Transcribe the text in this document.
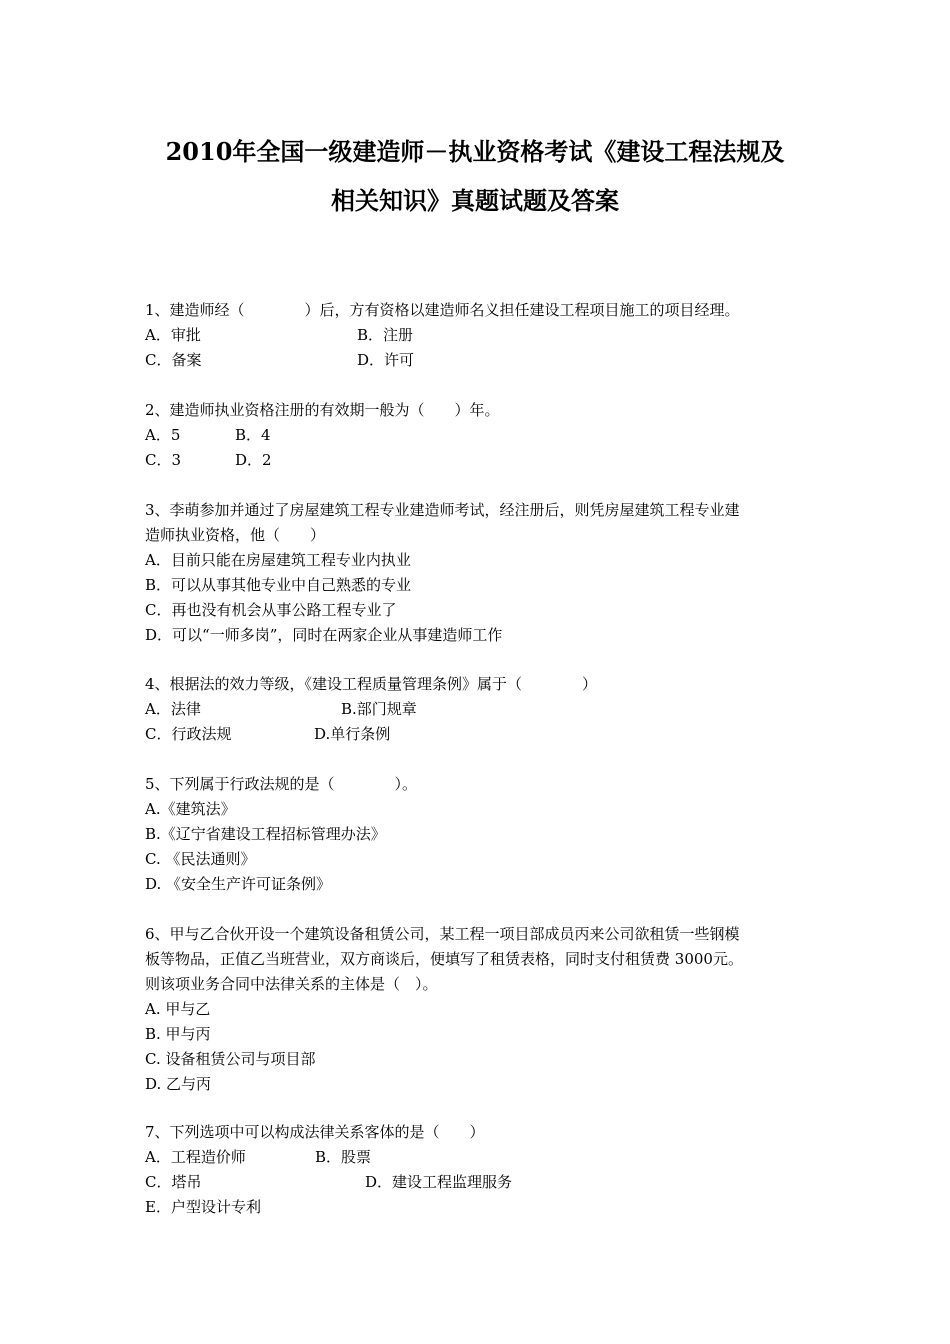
2010年全国一级建造师－执业资格考试《建设工程法规及
相关知识》真题试题及答案
1、建造师经（　　　　）后，方有资格以建造师名义担任建设工程项目施工的项目经理。
A．审批	B．注册
C．备案	D．许可
2、建造师执业资格注册的有效期一般为（　　）年。
A．5	B．4
C．3	D．2
3、李萌参加并通过了房屋建筑工程专业建造师考试，经注册后，则凭房屋建筑工程专业建
造师执业资格，他（　　）
A．目前只能在房屋建筑工程专业内执业
B．可以从事其他专业中自己熟悉的专业
C．再也没有机会从事公路工程专业了
D．可以“一师多岗”，同时在两家企业从事建造师工作
4、根据法的效力等级，《建设工程质量管理条例》属于（　　　　）
A．法律	B.部门规章
C．行政法规	D.单行条例
5、下列属于行政法规的是（　　　　）。
A.《建筑法》
B.《辽宁省建设工程招标管理办法》
C. 《民法通则》
D. 《安全生产许可证条例》
6、甲与乙合伙开设一个建筑设备租赁公司，某工程一项目部成员丙来公司欲租赁一些钢模
板等物品，正值乙当班营业，双方商谈后，便填写了租赁表格，同时支付租赁费 3000元。
则该项业务合同中法律关系的主体是（　）。
A. 甲与乙
B. 甲与丙
C. 设备租赁公司与项目部
D. 乙与丙
7、下列选项中可以构成法律关系客体的是（　　）
A．工程造价师	B．股票
C．塔吊	D．建设工程监理服务
E．户型设计专利
